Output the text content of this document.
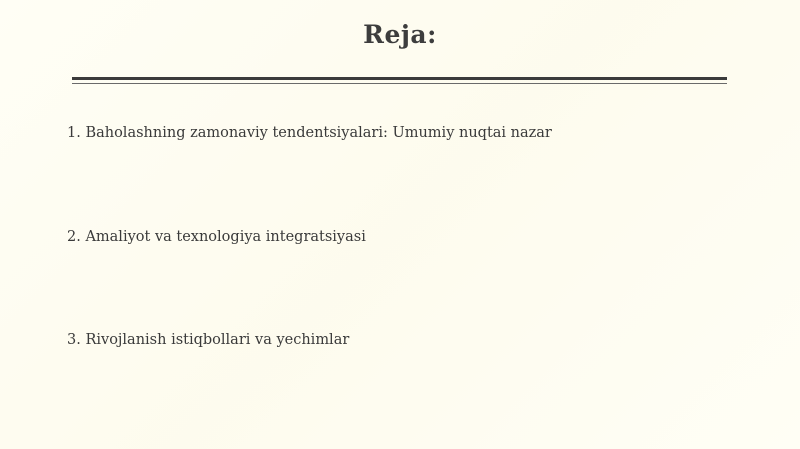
Reja:
1. Baholashning zamonaviy tendentsiyalari: Umumiy nuqtai nazar
2. Amaliyot va texnologiya integratsiyasi
3. Rivojlanish istiqbollari va yechimlar
